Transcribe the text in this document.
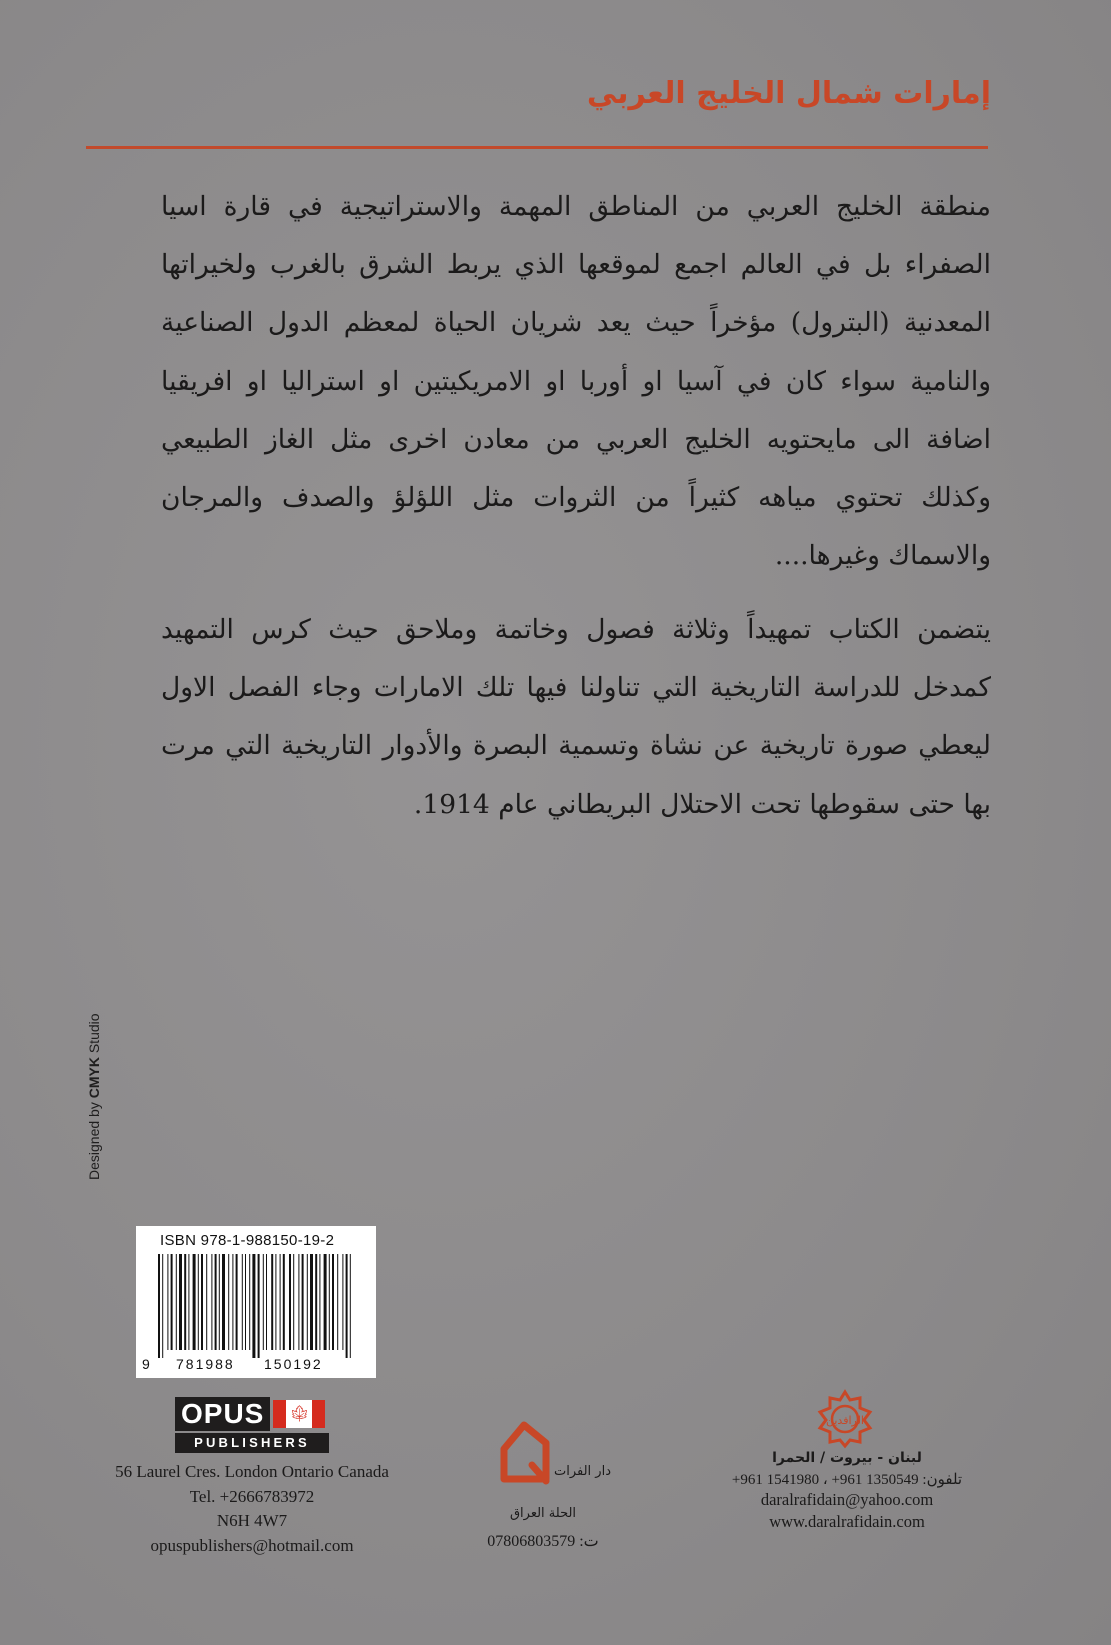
إمارات شمال الخليج العربي

منطقة الخليج العربي من المناطق المهمة والاستراتيجية في قارة اسيا الصفراء بل في العالم اجمع لموقعها الذي يربط الشرق بالغرب ولخيراتها المعدنية (البترول) مؤخراً حيث يعد شريان الحياة لمعظم الدول الصناعية والنامية سواء كان في آسيا او أوربا او الامريكيتين او استراليا او افريقيا اضافة الى مايحتويه الخليج العربي من معادن اخرى مثل الغاز الطبيعي وكذلك تحتوي مياهه كثيراً من الثروات مثل اللؤلؤ والصدف والمرجان والاسماك وغيرها....

يتضمن الكتاب تمهيداً وثلاثة فصول وخاتمة وملاحق حيث كرس التمهيد كمدخل للدراسة التاريخية التي تناولنا فيها تلك الامارات وجاء الفصل الاول ليعطي صورة تاريخية عن نشاة وتسمية البصرة والأدوار التاريخية التي مرت بها حتى سقوطها تحت الاحتلال البريطاني عام 1914.

Designed by CMYK Studio
ISBN 978-1-988150-19-2
9 781988 150192
OPUS	🍁︎
PUBLISHERS
56 Laurel Cres. London Ontario Canada
Tel. +2666783972
N6H 4W7
opuspublishers@hotmail.com
دار الفرات
الحلة العراق
ت: 07806803579
الرافدين
لبنان - بيروت / الحمرا
تلفون: 1350549 961+ ، 1541980 961+
daralrafidain@yahoo.com
www.daralrafidain.com
